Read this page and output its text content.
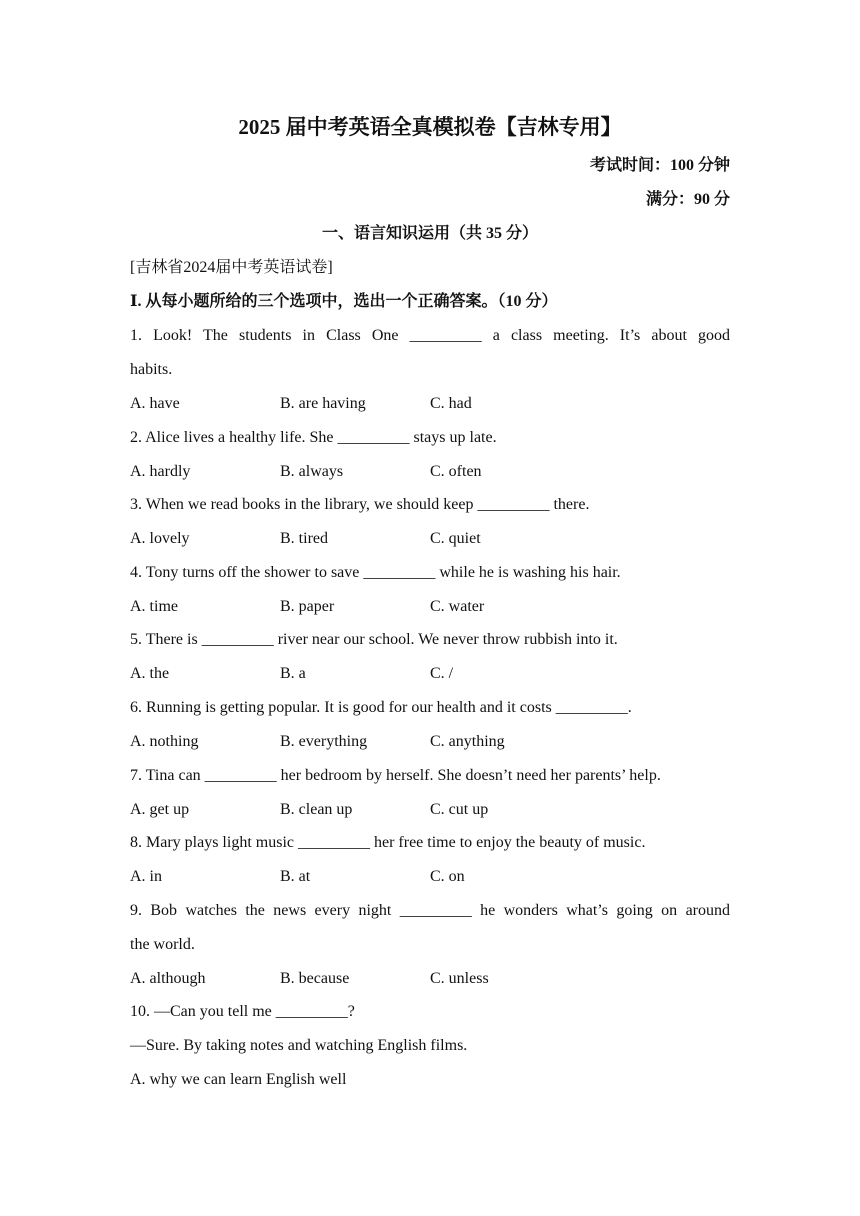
2025 届中考英语全真模拟卷【吉林专用】
考试时间：100 分钟
满分：90 分
一、语言知识运用（共 35 分）
[吉林省2024届中考英语试卷]
Ⅰ. 从每小题所给的三个选项中，选出一个正确答案。（10 分）
1. Look! The students in Class One _________ a class meeting. It’s about good
habits.
A. have	B. are having	C. had
2. Alice lives a healthy life. She _________ stays up late.
A. hardly	B. always	C. often
3. When we read books in the library, we should keep _________ there.
A. lovely	B. tired	C. quiet
4. Tony turns off the shower to save _________ while he is washing his hair.
A. time	B. paper	C. water
5. There is _________ river near our school. We never throw rubbish into it.
A. the	B. a	C. /
6. Running is getting popular. It is good for our health and it costs _________.
A. nothing	B. everything	C. anything
7. Tina can _________ her bedroom by herself. She doesn’t need her parents’ help.
A. get up	B. clean up	C. cut up
8. Mary plays light music _________ her free time to enjoy the beauty of music.
A. in	B. at	C. on
9. Bob watches the news every night _________ he wonders what’s going on around
the world.
A. although	B. because	C. unless
10. —Can you tell me _________?
—Sure. By taking notes and watching English films.
A. why we can learn English well
